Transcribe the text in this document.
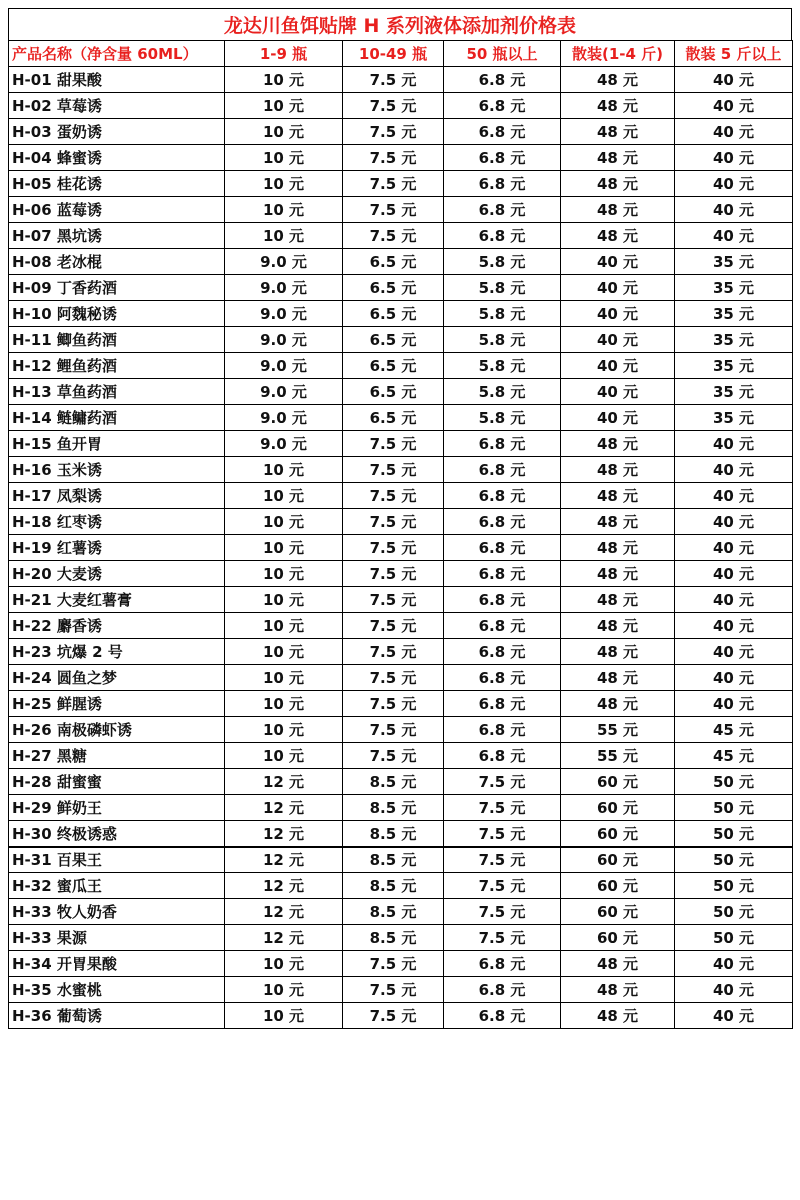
龙达川鱼饵贴牌 H 系列液体添加剂价格表
产品名称（净含量 60ML）	1-9 瓶	10-49 瓶	50 瓶以上	散装(1-4 斤)	散装 5 斤以上
H-01 甜果酸	10 元	7.5 元	6.8 元	48 元	40 元
H-02 草莓诱	10 元	7.5 元	6.8 元	48 元	40 元
H-03 蛋奶诱	10 元	7.5 元	6.8 元	48 元	40 元
H-04 蜂蜜诱	10 元	7.5 元	6.8 元	48 元	40 元
H-05 桂花诱	10 元	7.5 元	6.8 元	48 元	40 元
H-06 蓝莓诱	10 元	7.5 元	6.8 元	48 元	40 元
H-07 黑坑诱	10 元	7.5 元	6.8 元	48 元	40 元
H-08 老冰棍	9.0 元	6.5 元	5.8 元	40 元	35 元
H-09 丁香药酒	9.0 元	6.5 元	5.8 元	40 元	35 元
H-10 阿魏秘诱	9.0 元	6.5 元	5.8 元	40 元	35 元
H-11 鲫鱼药酒	9.0 元	6.5 元	5.8 元	40 元	35 元
H-12 鲤鱼药酒	9.0 元	6.5 元	5.8 元	40 元	35 元
H-13 草鱼药酒	9.0 元	6.5 元	5.8 元	40 元	35 元
H-14 鲢鳙药酒	9.0 元	6.5 元	5.8 元	40 元	35 元
H-15 鱼开胃	9.0 元	7.5 元	6.8 元	48 元	40 元
H-16 玉米诱	10 元	7.5 元	6.8 元	48 元	40 元
H-17 凤梨诱	10 元	7.5 元	6.8 元	48 元	40 元
H-18 红枣诱	10 元	7.5 元	6.8 元	48 元	40 元
H-19 红薯诱	10 元	7.5 元	6.8 元	48 元	40 元
H-20 大麦诱	10 元	7.5 元	6.8 元	48 元	40 元
H-21 大麦红薯膏	10 元	7.5 元	6.8 元	48 元	40 元
H-22 麝香诱	10 元	7.5 元	6.8 元	48 元	40 元
H-23 坑爆 2 号	10 元	7.5 元	6.8 元	48 元	40 元
H-24 圆鱼之梦	10 元	7.5 元	6.8 元	48 元	40 元
H-25 鲜腥诱	10 元	7.5 元	6.8 元	48 元	40 元
H-26 南极磷虾诱	10 元	7.5 元	6.8 元	55 元	45 元
H-27 黑糖	10 元	7.5 元	6.8 元	55 元	45 元
H-28 甜蜜蜜	12 元	8.5 元	7.5 元	60 元	50 元
H-29 鲜奶王	12 元	8.5 元	7.5 元	60 元	50 元
H-30 终极诱惑	12 元	8.5 元	7.5 元	60 元	50 元
H-31 百果王	12 元	8.5 元	7.5 元	60 元	50 元
H-32 蜜瓜王	12 元	8.5 元	7.5 元	60 元	50 元
H-33 牧人奶香	12 元	8.5 元	7.5 元	60 元	50 元
H-33 果源	12 元	8.5 元	7.5 元	60 元	50 元
H-34 开胃果酸	10 元	7.5 元	6.8 元	48 元	40 元
H-35 水蜜桃	10 元	7.5 元	6.8 元	48 元	40 元
H-36 葡萄诱	10 元	7.5 元	6.8 元	48 元	40 元
